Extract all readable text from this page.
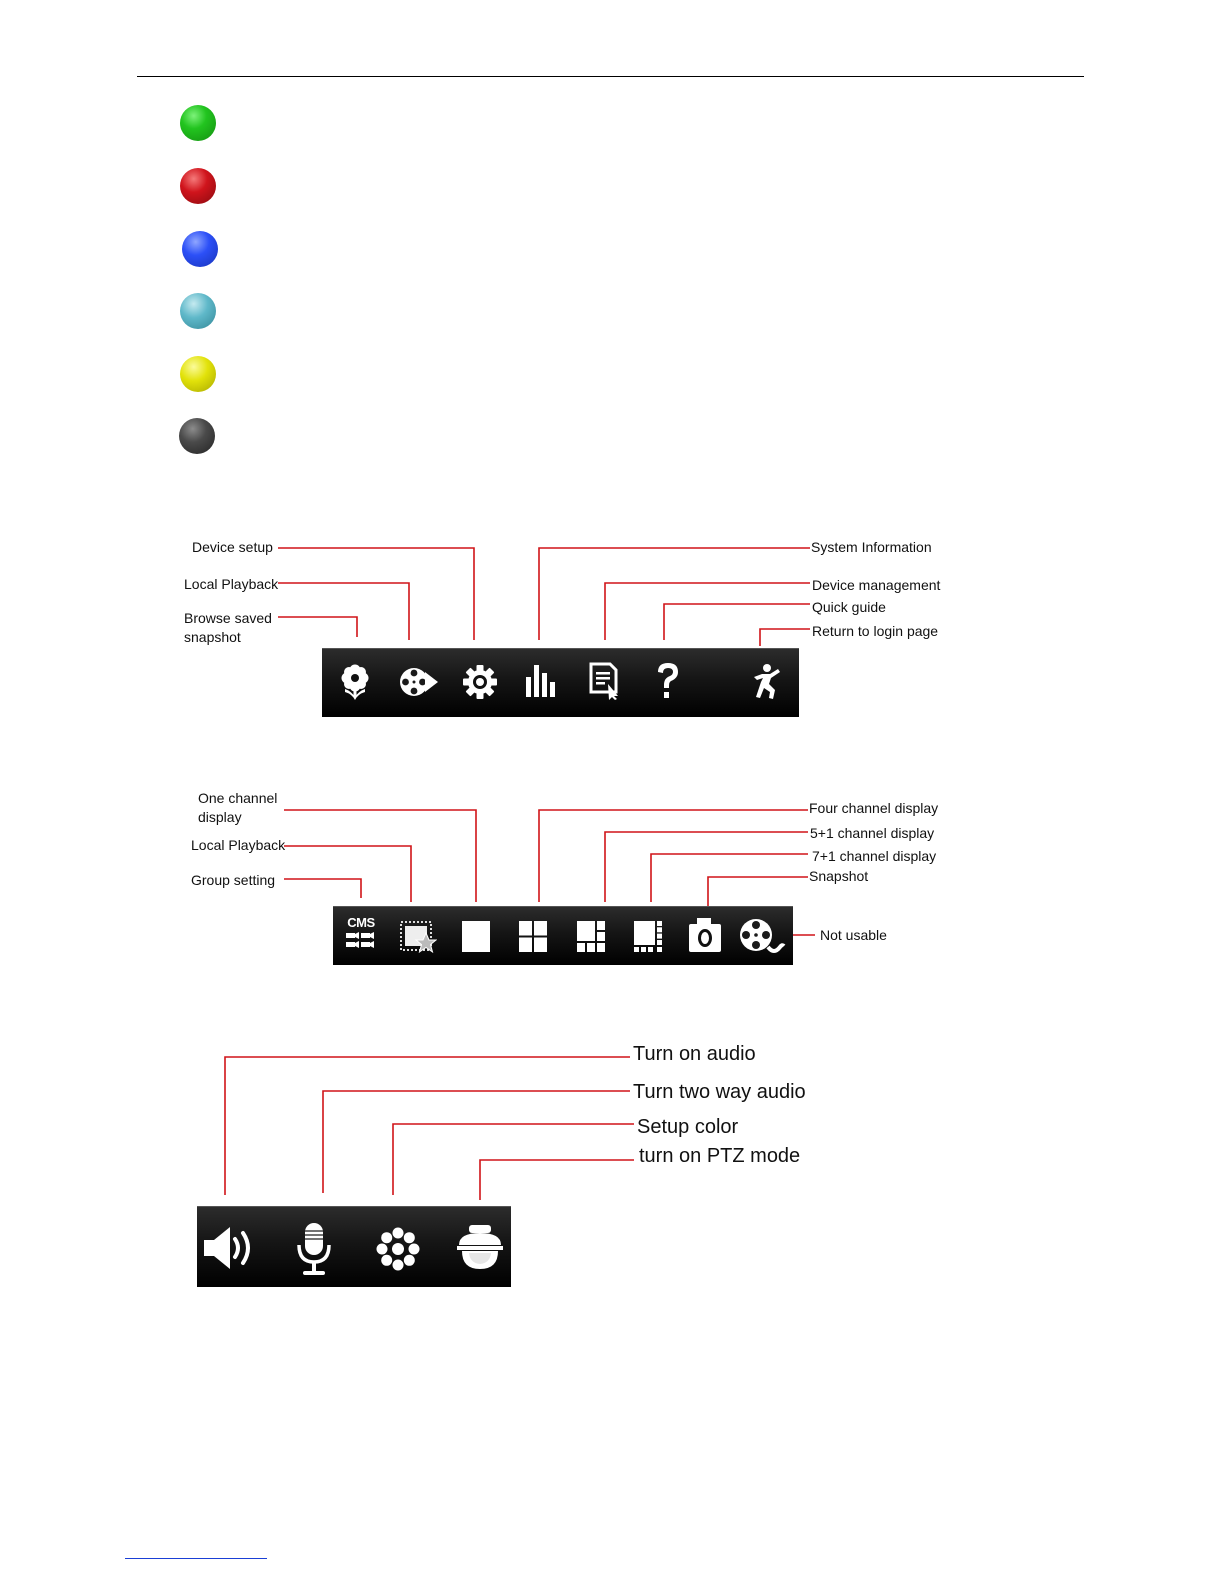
Device setup
Local Playback
Browse saved
snapshot
System Information
Device management
Quick guide
Return to login page
One channel
display
Local Playback
Group setting
Four channel display
5+1 channel display
7+1 channel display
Snapshot
Not usable
CMS
Turn on audio
Turn two way audio
Setup color
turn on PTZ mode
